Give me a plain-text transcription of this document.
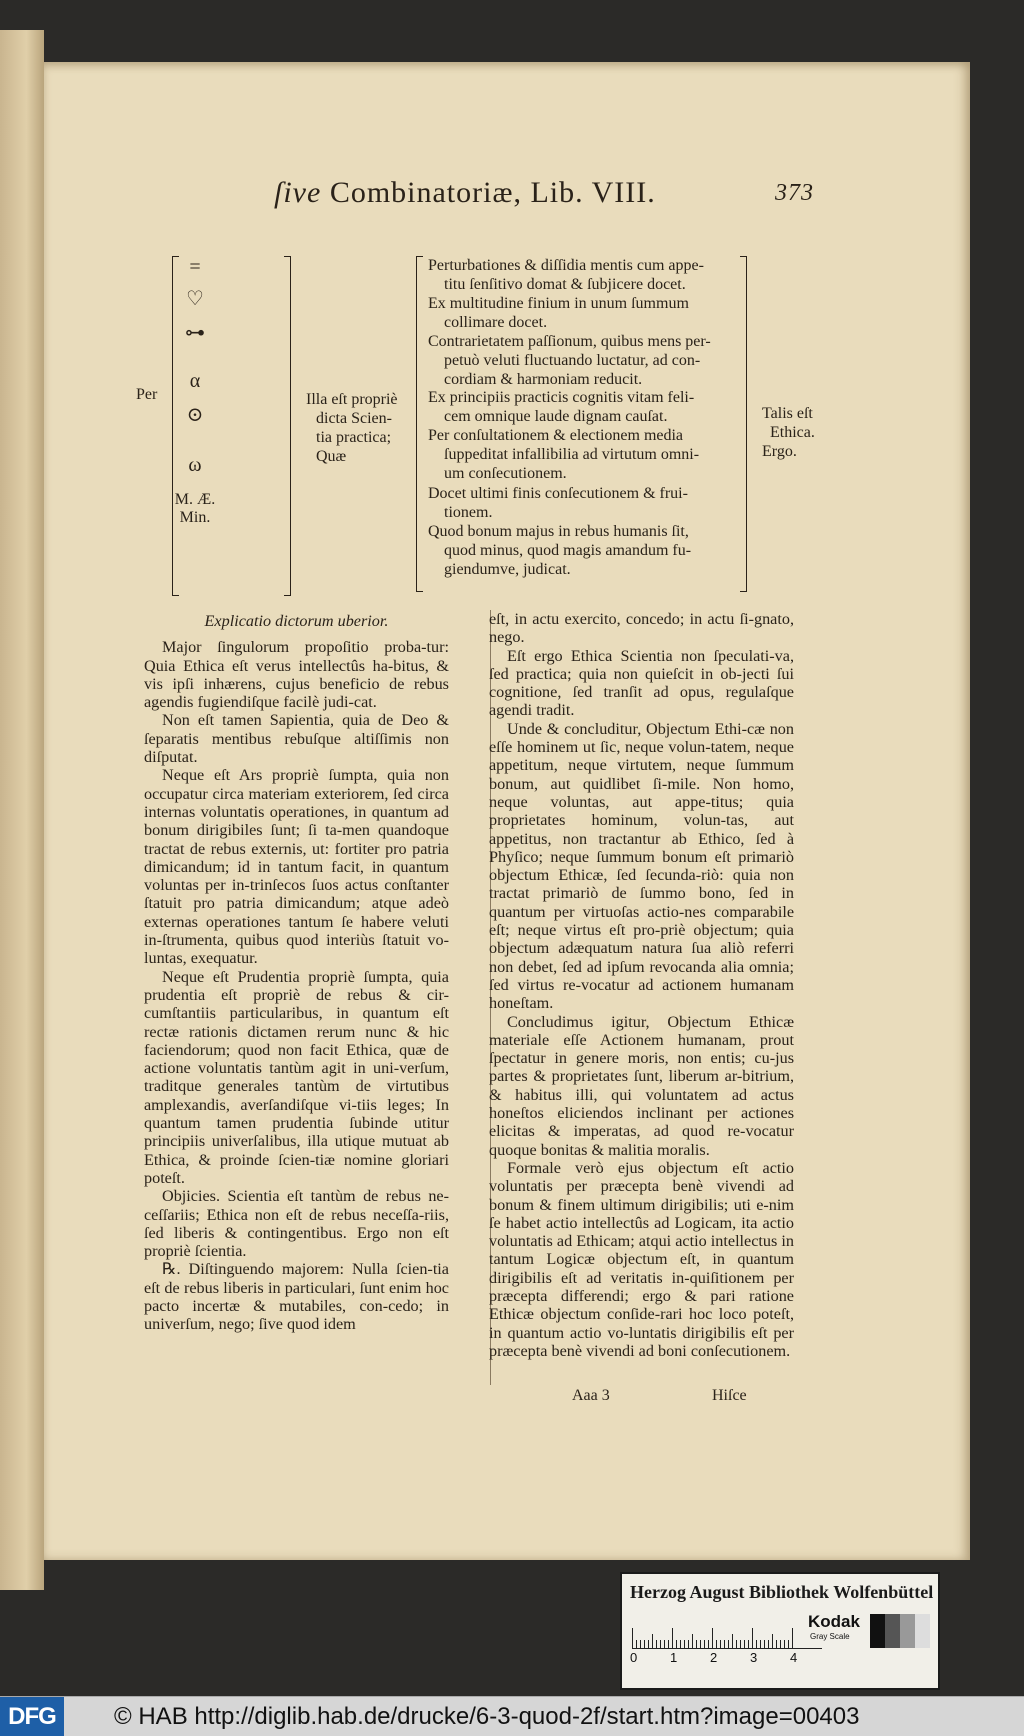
ſive Combinatoriæ, Lib. VIII.	373
Per
=
♡
⊶
α
⊙
ω
M. Æ.
Min.
Illa eſt propriè
dicta Scien-
tia practica;
Quæ
Perturbationes & diſſidia mentis cum appe-
titu ſenſitivo domat & ſubjicere docet.
Ex multitudine finium in unum ſummum
collimare docet.
Contrarietatem paſſionum, quibus mens per-
petuò veluti fluctuando luctatur, ad con-
cordiam & harmoniam reducit.
Ex principiis practicis cognitis vitam feli-
cem omnique laude dignam cauſat.
Per conſultationem & electionem media
ſuppeditat infallibilia ad virtutum omni-
um conſecutionem.
Docet ultimi finis conſecutionem & frui-
tionem.
Quod bonum majus in rebus humanis ſit,
quod minus, quod magis amandum fu-
giendumve, judicat.
Talis eſt
Ethica.
Ergo.

Explicatio dictorum uberior.

Major ſingulorum propoſitio proba-tur: Quia Ethica eſt verus intellectûs ha-bitus, & vis ipſi inhærens, cujus beneficio de rebus agendis fugiendiſque facilè judi-cat.

Non eſt tamen Sapientia, quia de Deo & ſeparatis mentibus rebuſque altiſſimis non diſputat.

Neque eſt Ars propriè ſumpta, quia non occupatur circa materiam exteriorem, ſed circa internas voluntatis operationes, in quantum ad bonum dirigibiles ſunt; ſi ta-men quandoque tractat de rebus externis, ut: fortiter pro patria dimicandum; id in tantum facit, in quantum voluntas per in-trinſecos ſuos actus conſtanter ſtatuit pro patria dimicandum; atque adeò externas operationes tantum ſe habere veluti in-ſtrumenta, quibus quod interiùs ſtatuit vo-luntas, exequatur.

Neque eſt Prudentia propriè ſumpta, quia prudentia eſt propriè de rebus & cir-cumſtantiis particularibus, in quantum eſt rectæ rationis dictamen rerum nunc & hic faciendorum; quod non facit Ethica, quæ de actione voluntatis tantùm agit in uni-verſum, traditque generales tantùm de virtutibus amplexandis, averſandiſque vi-tiis leges; In quantum tamen prudentia ſubinde utitur principiis univerſalibus, illa utique mutuat ab Ethica, & proinde ſcien-tiæ nomine gloriari poteſt.

Objicies. Scientia eſt tantùm de rebus ne-ceſſariis; Ethica non eſt de rebus neceſſa-riis, ſed liberis & contingentibus. Ergo non eſt propriè ſcientia.

℞. Diſtinguendo majorem: Nulla ſcien-tia eſt de rebus liberis in particulari, ſunt enim hoc pacto incertæ & mutabiles, con-cedo; in univerſum, nego; ſive quod idem

eſt, in actu exercito, concedo; in actu ſi-gnato, nego.

Eſt ergo Ethica Scientia non ſpeculati-va, ſed practica; quia non quieſcit in ob-jecti ſui cognitione, ſed tranſit ad opus, regulaſque agendi tradit.

Unde & concluditur, Objectum Ethi-cæ non eſſe hominem ut ſic, neque volun-tatem, neque appetitum, neque virtutem, neque ſummum bonum, aut quidlibet ſi-mile. Non homo, neque voluntas, aut appe-titus; quia proprietates hominum, volun-tas, aut appetitus, non tractantur ab Ethico, ſed à Phyſico; neque ſummum bonum eſt primariò objectum Ethicæ, ſed ſecunda-riò: quia non tractat primariò de ſummo bono, ſed in quantum per virtuoſas actio-nes comparabile eſt; neque virtus eſt pro-priè objectum; quia objectum adæquatum natura ſua aliò referri non debet, ſed ad ipſum revocanda alia omnia; ſed virtus re-vocatur ad actionem humanam honeſtam.

Concludimus igitur, Objectum Ethicæ materiale eſſe Actionem humanam, prout ſpectatur in genere moris, non entis; cu-jus partes & proprietates ſunt, liberum ar-bitrium, & habitus illi, qui voluntatem ad actus honeſtos eliciendos inclinant per actiones elicitas & imperatas, ad quod re-vocatur quoque bonitas & malitia moralis.

Formale verò ejus objectum eſt actio voluntatis per præcepta benè vivendi ad bonum & finem ultimum dirigibilis; uti e-nim ſe habet actio intellectûs ad Logicam, ita actio voluntatis ad Ethicam; atqui actio intellectus in tantum Logicæ objectum eſt, in quantum dirigibilis eſt ad veritatis in-quiſitionem per præcepta differendi; ergo & pari ratione Ethicæ objectum conſide-rari hoc loco poteſt, in quantum actio vo-luntatis dirigibilis eſt per præcepta benè vivendi ad boni conſecutionem.

Aaa 3	Hiſce
Herzog August Bibliothek Wolfenbüttel
0	1	2	3	4
Kodak
Gray Scale
DFG	© HAB http://diglib.hab.de/drucke/6-3-quod-2f/start.htm?image=00403
